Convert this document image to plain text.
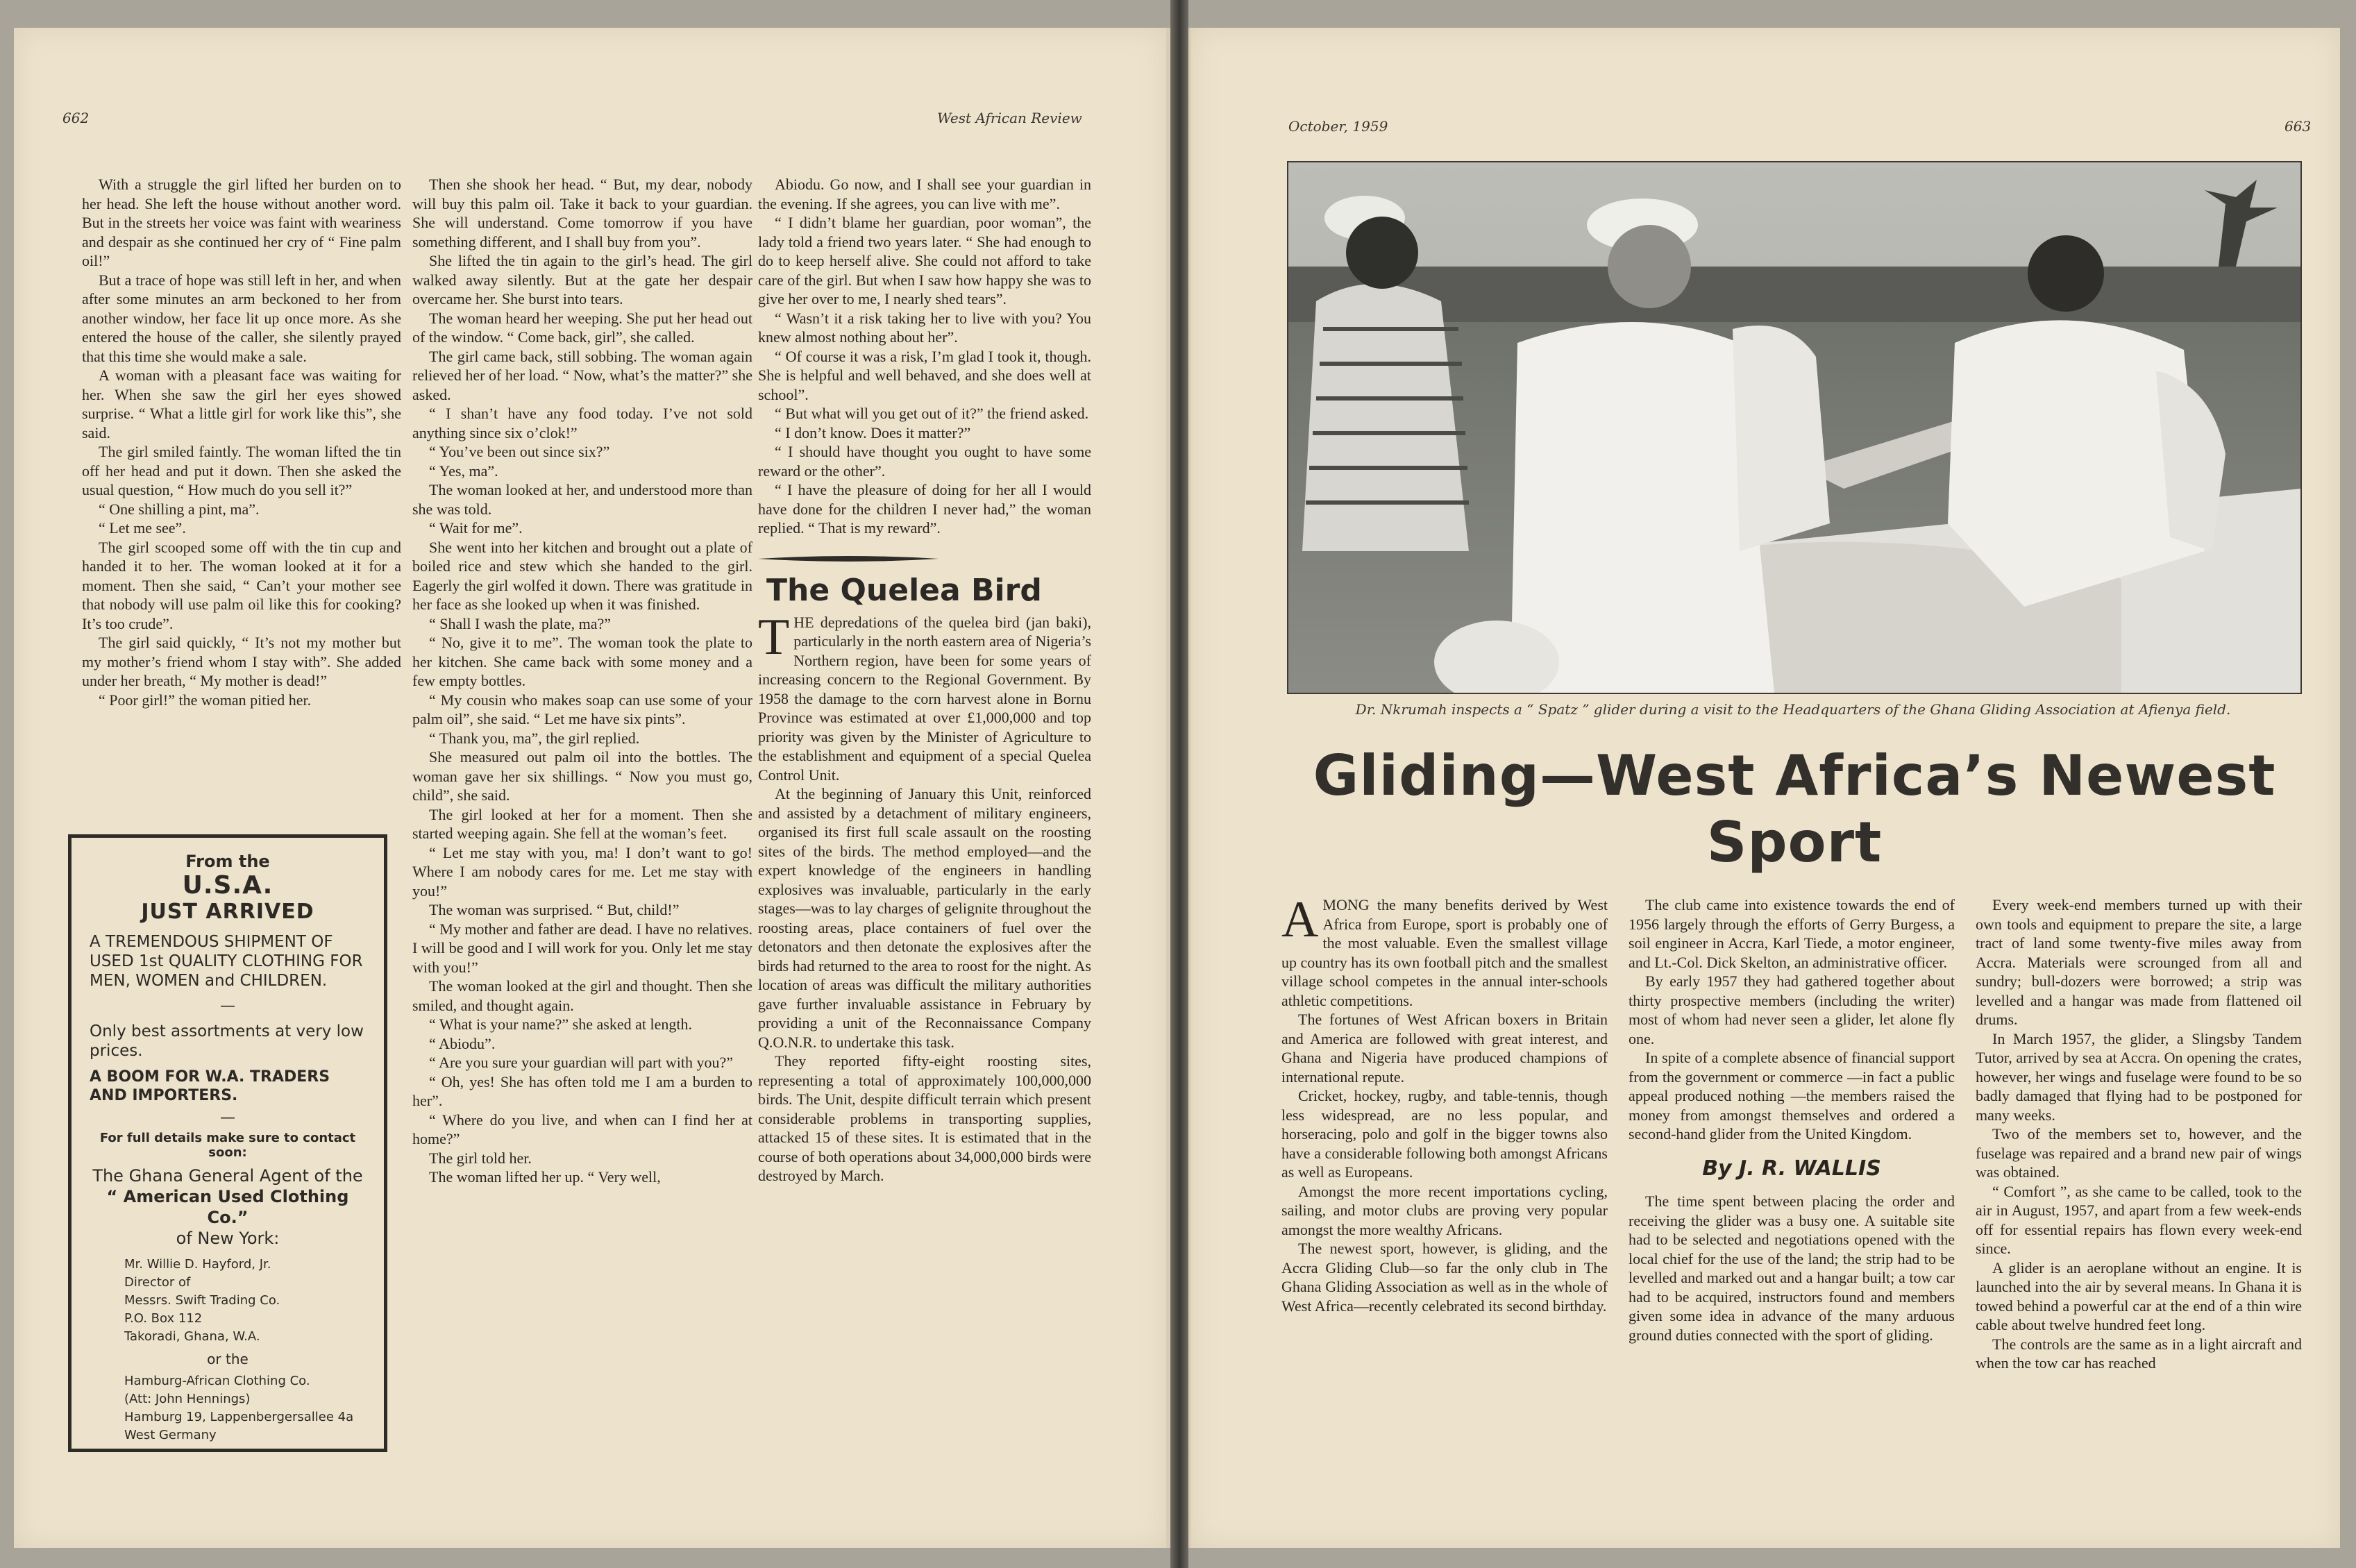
662	West African Review

With a struggle the girl lifted her burden on to her head. She left the house without another word. But in the streets her voice was faint with weariness and despair as she continued her cry of “ Fine palm oil!”

But a trace of hope was still left in her, and when after some minutes an arm beckoned to her from another window, her face lit up once more. As she entered the house of the caller, she silently prayed that this time she would make a sale.

A woman with a pleasant face was waiting for her. When she saw the girl her eyes showed surprise. “ What a little girl for work like this”, she said.

The girl smiled faintly. The woman lifted the tin off her head and put it down. Then she asked the usual question, “ How much do you sell it?”

“ One shilling a pint, ma”.

“ Let me see”.

The girl scooped some off with the tin cup and handed it to her. The woman looked at it for a moment. Then she said, “ Can’t your mother see that nobody will use palm oil like this for cooking? It’s too crude”.

The girl said quickly, “ It’s not my mother but my mother’s friend whom I stay with”. She added under her breath, “ My mother is dead!”

“ Poor girl!” the woman pitied her.

Then she shook her head. “ But, my dear, nobody will buy this palm oil. Take it back to your guardian. She will understand. Come tomorrow if you have something different, and I shall buy from you”.

She lifted the tin again to the girl’s head. The girl walked away silently. But at the gate her despair overcame her. She burst into tears.

The woman heard her weeping. She put her head out of the window. “ Come back, girl”, she called.

The girl came back, still sobbing. The woman again relieved her of her load. “ Now, what’s the matter?” she asked.

“ I shan’t have any food today. I’ve not sold anything since six o’clok!”

“ You’ve been out since six?”

“ Yes, ma”.

The woman looked at her, and understood more than she was told.

“ Wait for me”.

She went into her kitchen and brought out a plate of boiled rice and stew which she handed to the girl. Eagerly the girl wolfed it down. There was gratitude in her face as she looked up when it was finished.

“ Shall I wash the plate, ma?”

“ No, give it to me”. The woman took the plate to her kitchen. She came back with some money and a few empty bottles.

“ My cousin who makes soap can use some of your palm oil”, she said. “ Let me have six pints”.

“ Thank you, ma”, the girl replied.

She measured out palm oil into the bottles. The woman gave her six shillings. “ Now you must go, child”, she said.

The girl looked at her for a moment. Then she started weeping again. She fell at the woman’s feet.

“ Let me stay with you, ma! I don’t want to go! Where I am nobody cares for me. Let me stay with you!”

The woman was surprised. “ But, child!”

“ My mother and father are dead. I have no relatives. I will be good and I will work for you. Only let me stay with you!”

The woman looked at the girl and thought. Then she smiled, and thought again.

“ What is your name?” she asked at length.

“ Abiodu”.

“ Are you sure your guardian will part with you?”

“ Oh, yes! She has often told me I am a burden to her”.

“ Where do you live, and when can I find her at home?”

The girl told her.

The woman lifted her up. “ Very well,

Abiodu. Go now, and I shall see your guardian in the evening. If she agrees, you can live with me”.

“ I didn’t blame her guardian, poor woman”, the lady told a friend two years later. “ She had enough to do to keep herself alive. She could not afford to take care of the girl. But when I saw how happy she was to give her over to me, I nearly shed tears”.

“ Wasn’t it a risk taking her to live with you? You knew almost nothing about her”.

“ Of course it was a risk, I’m glad I took it, though. She is helpful and well behaved, and she does well at school”.

“ But what will you get out of it?” the friend asked.

“ I don’t know. Does it matter?”

“ I should have thought you ought to have some reward or the other”.

“ I have the pleasure of doing for her all I would have done for the children I never had,” the woman replied. “ That is my reward”.

The Quelea Bird

THE depredations of the quelea bird (jan baki), particularly in the north eastern area of Nigeria’s Northern region, have been for some years of increasing concern to the Regional Government. By 1958 the damage to the corn harvest alone in Bornu Province was estimated at over £1,000,000 and top priority was given by the Minister of Agriculture to the establishment and equipment of a special Quelea Control Unit.

At the beginning of January this Unit, reinforced and assisted by a detachment of military engineers, organised its first full scale assault on the roosting sites of the birds. The method employed—and the expert knowledge of the engineers in handling explosives was invaluable, particularly in the early stages—was to lay charges of gelignite throughout the roosting areas, place containers of fuel over the detonators and then detonate the explosives after the birds had returned to the area to roost for the night. As location of areas was difficult the military authorities gave further invaluable assistance in February by providing a unit of the Reconnaissance Company Q.O.N.R. to undertake this task.

They reported fifty-eight roosting sites, representing a total of approximately 100,000,000 birds. The Unit, despite difficult terrain which present considerable problems in transporting supplies, attacked 15 of these sites. It is estimated that in the course of both operations about 34,000,000 birds were destroyed by March.

From the
U.S.A.
JUST ARRIVED
A TREMENDOUS SHIPMENT OF USED 1st QUALITY CLOTHING FOR MEN, WOMEN and CHILDREN.
—
Only best assortments at very low prices.
A BOOM FOR W.A. TRADERS AND IMPORTERS.
—
For full details make sure to contact soon:
The Ghana General Agent of the
“ American Used Clothing Co.”
of New York:
Mr. Willie D. Hayford, Jr.
Director of
Messrs. Swift Trading Co.
P.O. Box 112
Takoradi, Ghana, W.A.
or the
Hamburg-African Clothing Co.
(Att: John Hennings)
Hamburg 19, Lappenbergersallee 4a
West Germany
October, 1959	663
Dr. Nkrumah inspects a “ Spatz ” glider during a visit to the Headquarters of the Ghana Gliding Association at Afienya field.
Gliding—West Africa’s Newest
Sport

AMONG the many benefits derived by West Africa from Europe, sport is probably one of the most valuable. Even the smallest village up country has its own football pitch and the smallest village school competes in the annual inter-schools athletic competitions.

The fortunes of West African boxers in Britain and America are followed with great interest, and Ghana and Nigeria have produced champions of international repute.

Cricket, hockey, rugby, and table-tennis, though less widespread, are no less popular, and horseracing, polo and golf in the bigger towns also have a considerable following both amongst Africans as well as Europeans.

Amongst the more recent importations cycling, sailing, and motor clubs are proving very popular amongst the more wealthy Africans.

The newest sport, however, is gliding, and the Accra Gliding Club—so far the only club in The Ghana Gliding Association as well as in the whole of West Africa—recently celebrated its second birthday.

The club came into existence towards the end of 1956 largely through the efforts of Gerry Burgess, a soil engineer in Accra, Karl Tiede, a motor engineer, and Lt.-Col. Dick Skelton, an administrative officer.

By early 1957 they had gathered together about thirty prospective members (including the writer) most of whom had never seen a glider, let alone fly one.

In spite of a complete absence of financial support from the government or commerce —in fact a public appeal produced nothing —the members raised the money from amongst themselves and ordered a second-hand glider from the United Kingdom.

By J. R. WALLIS

The time spent between placing the order and receiving the glider was a busy one. A suitable site had to be selected and negotiations opened with the local chief for the use of the land; the strip had to be levelled and marked out and a hangar built; a tow car had to be acquired, instructors found and members given some idea in advance of the many arduous ground duties connected with the sport of gliding.

Every week-end members turned up with their own tools and equipment to prepare the site, a large tract of land some twenty-five miles away from Accra. Materials were scrounged from all and sundry; bull-dozers were borrowed; a strip was levelled and a hangar was made from flattened oil drums.

In March 1957, the glider, a Slingsby Tandem Tutor, arrived by sea at Accra. On opening the crates, however, her wings and fuselage were found to be so badly damaged that flying had to be postponed for many weeks.

Two of the members set to, however, and the fuselage was repaired and a brand new pair of wings was obtained.

“ Comfort ”, as she came to be called, took to the air in August, 1957, and apart from a few week-ends off for essential repairs has flown every week-end since.

A glider is an aeroplane without an engine. It is launched into the air by several means. In Ghana it is towed behind a powerful car at the end of a thin wire cable about twelve hundred feet long.

The controls are the same as in a light aircraft and when the tow car has reached
